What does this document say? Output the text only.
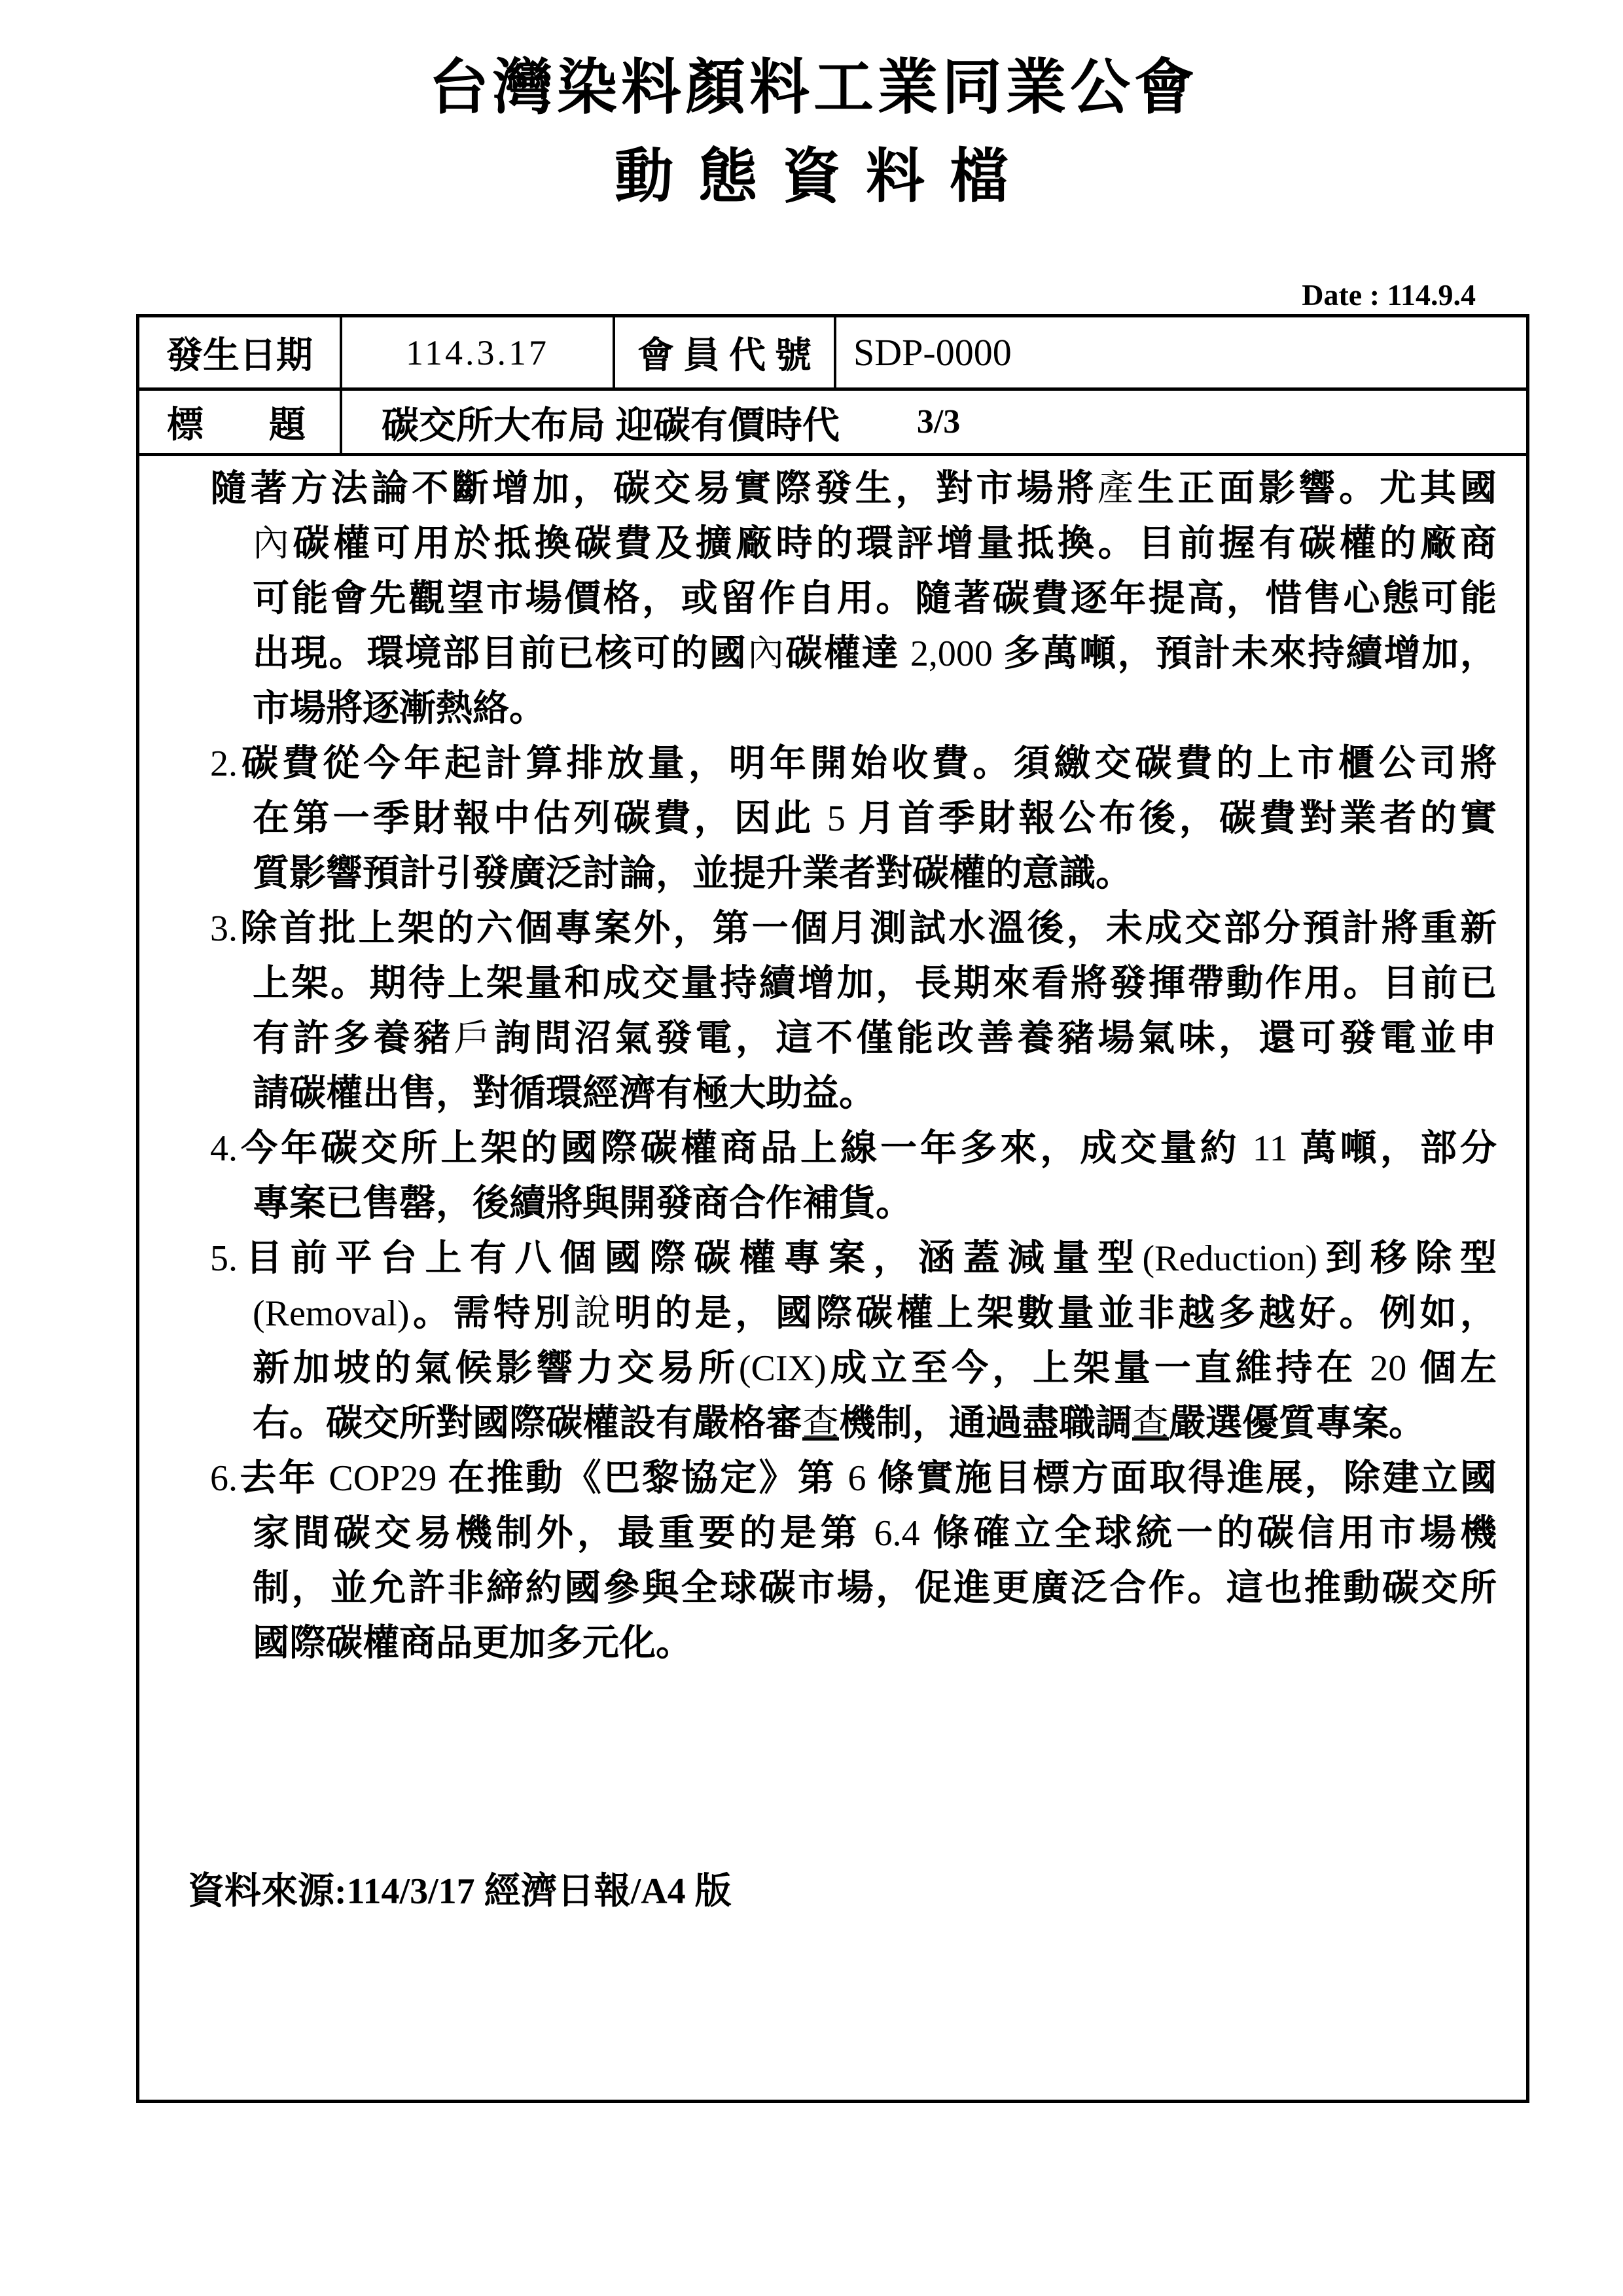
台灣染料顏料工業同業公會
動態資料檔
Date : 114.9.4
發生日期	114.3.17	會員代號 SDP-0000
標 題 碳交所大布局 迎碳有價時代 3/3
隨著方法論不斷增加，碳交易實際發生，對市場將產生正面影響。尤其國
內碳權可用於抵換碳費及擴廠時的環評增量抵換。目前握有碳權的廠商
可能會先觀望市場價格，或留作自用。隨著碳費逐年提高，惜售心態可能
出現。環境部目前已核可的國內碳權達 2,000 多萬噸，預計未來持續增加，
市場將逐漸熱絡。
2.碳費從今年起計算排放量，明年開始收費。須繳交碳費的上市櫃公司將
在第一季財報中估列碳費，因此 5 月首季財報公布後，碳費對業者的實
質影響預計引發廣泛討論，並提升業者對碳權的意識。
3.除首批上架的六個專案外，第一個月測試水溫後，未成交部分預計將重新
上架。期待上架量和成交量持續增加，長期來看將發揮帶動作用。目前已
有許多養豬戶詢問沼氣發電，這不僅能改善養豬場氣味，還可發電並申
請碳權出售，對循環經濟有極大助益。
4.今年碳交所上架的國際碳權商品上線一年多來，成交量約 11 萬噸，部分
專案已售罄，後續將與開發商合作補貨。
5.目前平台上有八個國際碳權專案，涵蓋減量型(Reduction)到移除型
(Removal)。需特別說明的是，國際碳權上架數量並非越多越好。例如，
新加坡的氣候影響力交易所(CIX)成立至今，上架量一直維持在 20 個左
右。碳交所對國際碳權設有嚴格審查機制，通過盡職調查嚴選優質專案。
6.去年 COP29 在推動《巴黎協定》第 6 條實施目標方面取得進展，除建立國
家間碳交易機制外，最重要的是第 6.4 條確立全球統一的碳信用市場機
制，並允許非締約國參與全球碳市場，促進更廣泛合作。這也推動碳交所
國際碳權商品更加多元化。
資料來源:114/3/17 經濟日報/A4 版
